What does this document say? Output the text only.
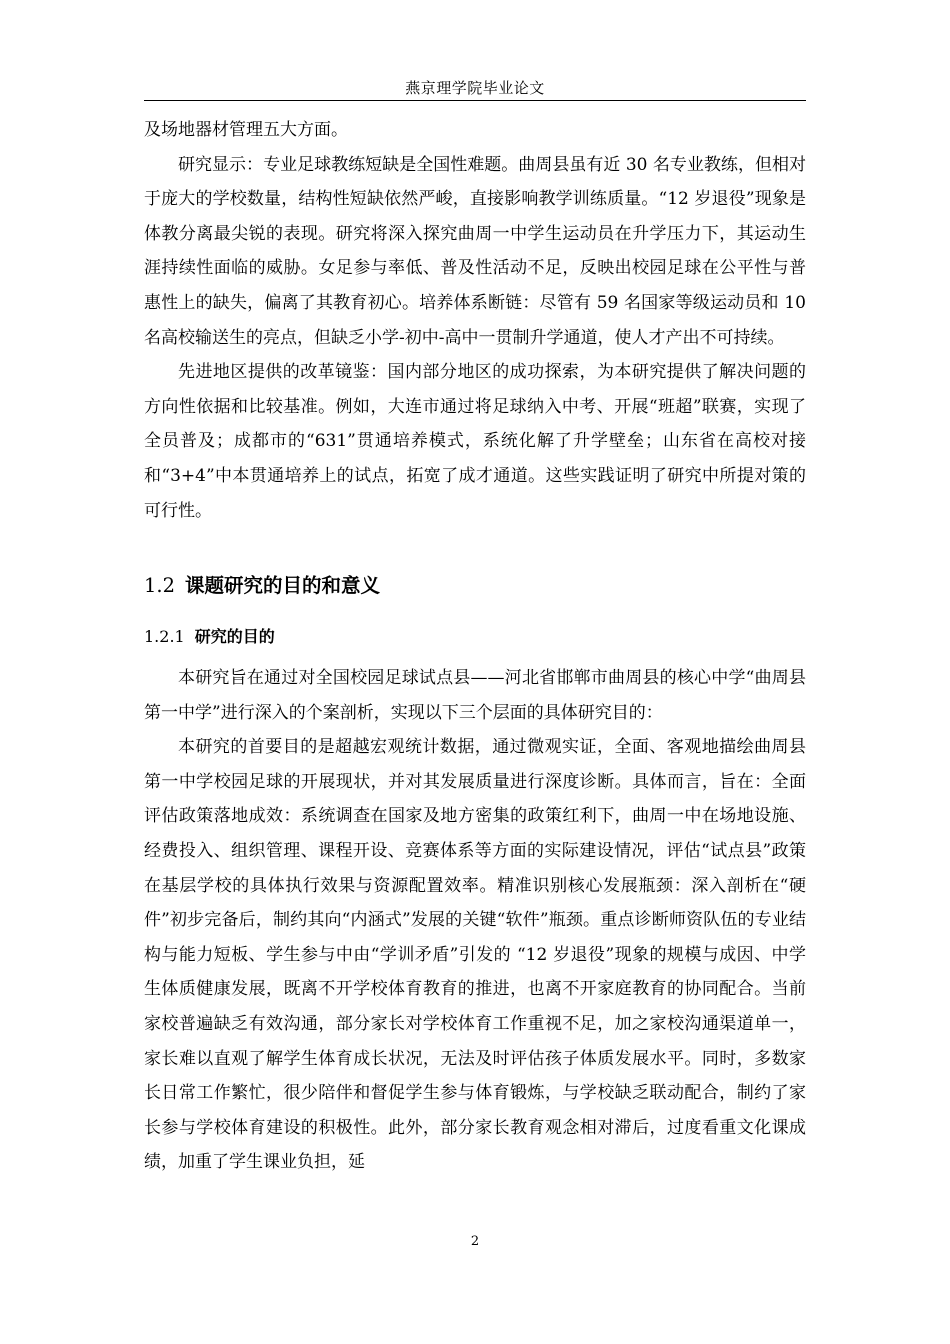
燕京理学院毕业论文

及场地器材管理五大方面。

研究显示：专业足球教练短缺是全国性难题。曲周县虽有近 30 名专业教练，但相对于庞大的学校数量，结构性短缺依然严峻，直接影响教学训练质量。“12 岁退役”现象是体教分离最尖锐的表现。研究将深入探究曲周一中学生运动员在升学压力下，其运动生涯持续性面临的威胁。女足参与率低、普及性活动不足，反映出校园足球在公平性与普惠性上的缺失，偏离了其教育初心。培养体系断链：尽管有 59 名国家等级运动员和 10 名高校输送生的亮点，但缺乏小学-初中-高中一贯制升学通道，使人才产出不可持续。

先进地区提供的改革镜鉴：国内部分地区的成功探索，为本研究提供了解决问题的方向性依据和比较基准。例如，大连市通过将足球纳入中考、开展“班超”联赛，实现了全员普及；成都市的“631”贯通培养模式，系统化解了升学壁垒；山东省在高校对接和“3+4”中本贯通培养上的试点，拓宽了成才通道。这些实践证明了研究中所提对策的可行性。

1.2 课题研究的目的和意义
1.2.1 研究的目的

本研究旨在通过对全国校园足球试点县——河北省邯郸市曲周县的核心中学“曲周县第一中学”进行深入的个案剖析，实现以下三个层面的具体研究目的：

本研究的首要目的是超越宏观统计数据，通过微观实证，全面、客观地描绘曲周县第一中学校园足球的开展现状，并对其发展质量进行深度诊断。具体而言，旨在：全面评估政策落地成效：系统调查在国家及地方密集的政策红利下，曲周一中在场地设施、经费投入、组织管理、课程开设、竞赛体系等方面的实际建设情况，评估“试点县”政策在基层学校的具体执行效果与资源配置效率。精准识别核心发展瓶颈：深入剖析在“硬件”初步完备后，制约其向“内涵式”发展的关键“软件”瓶颈。重点诊断师资队伍的专业结构与能力短板、学生参与中由“学训矛盾”引发的 “12 岁退役”现象的规模与成因、中学生体质健康发展，既离不开学校体育教育的推进，也离不开家庭教育的协同配合。当前家校普遍缺乏有效沟通，部分家长对学校体育工作重视不足，加之家校沟通渠道单一，家长难以直观了解学生体育成长状况，无法及时评估孩子体质发展水平。同时，多数家长日常工作繁忙，很少陪伴和督促学生参与体育锻炼，与学校缺乏联动配合，制约了家长参与学校体育建设的积极性。此外，部分家长教育观念相对滞后，过度看重文化课成绩，加重了学生课业负担，延

2
